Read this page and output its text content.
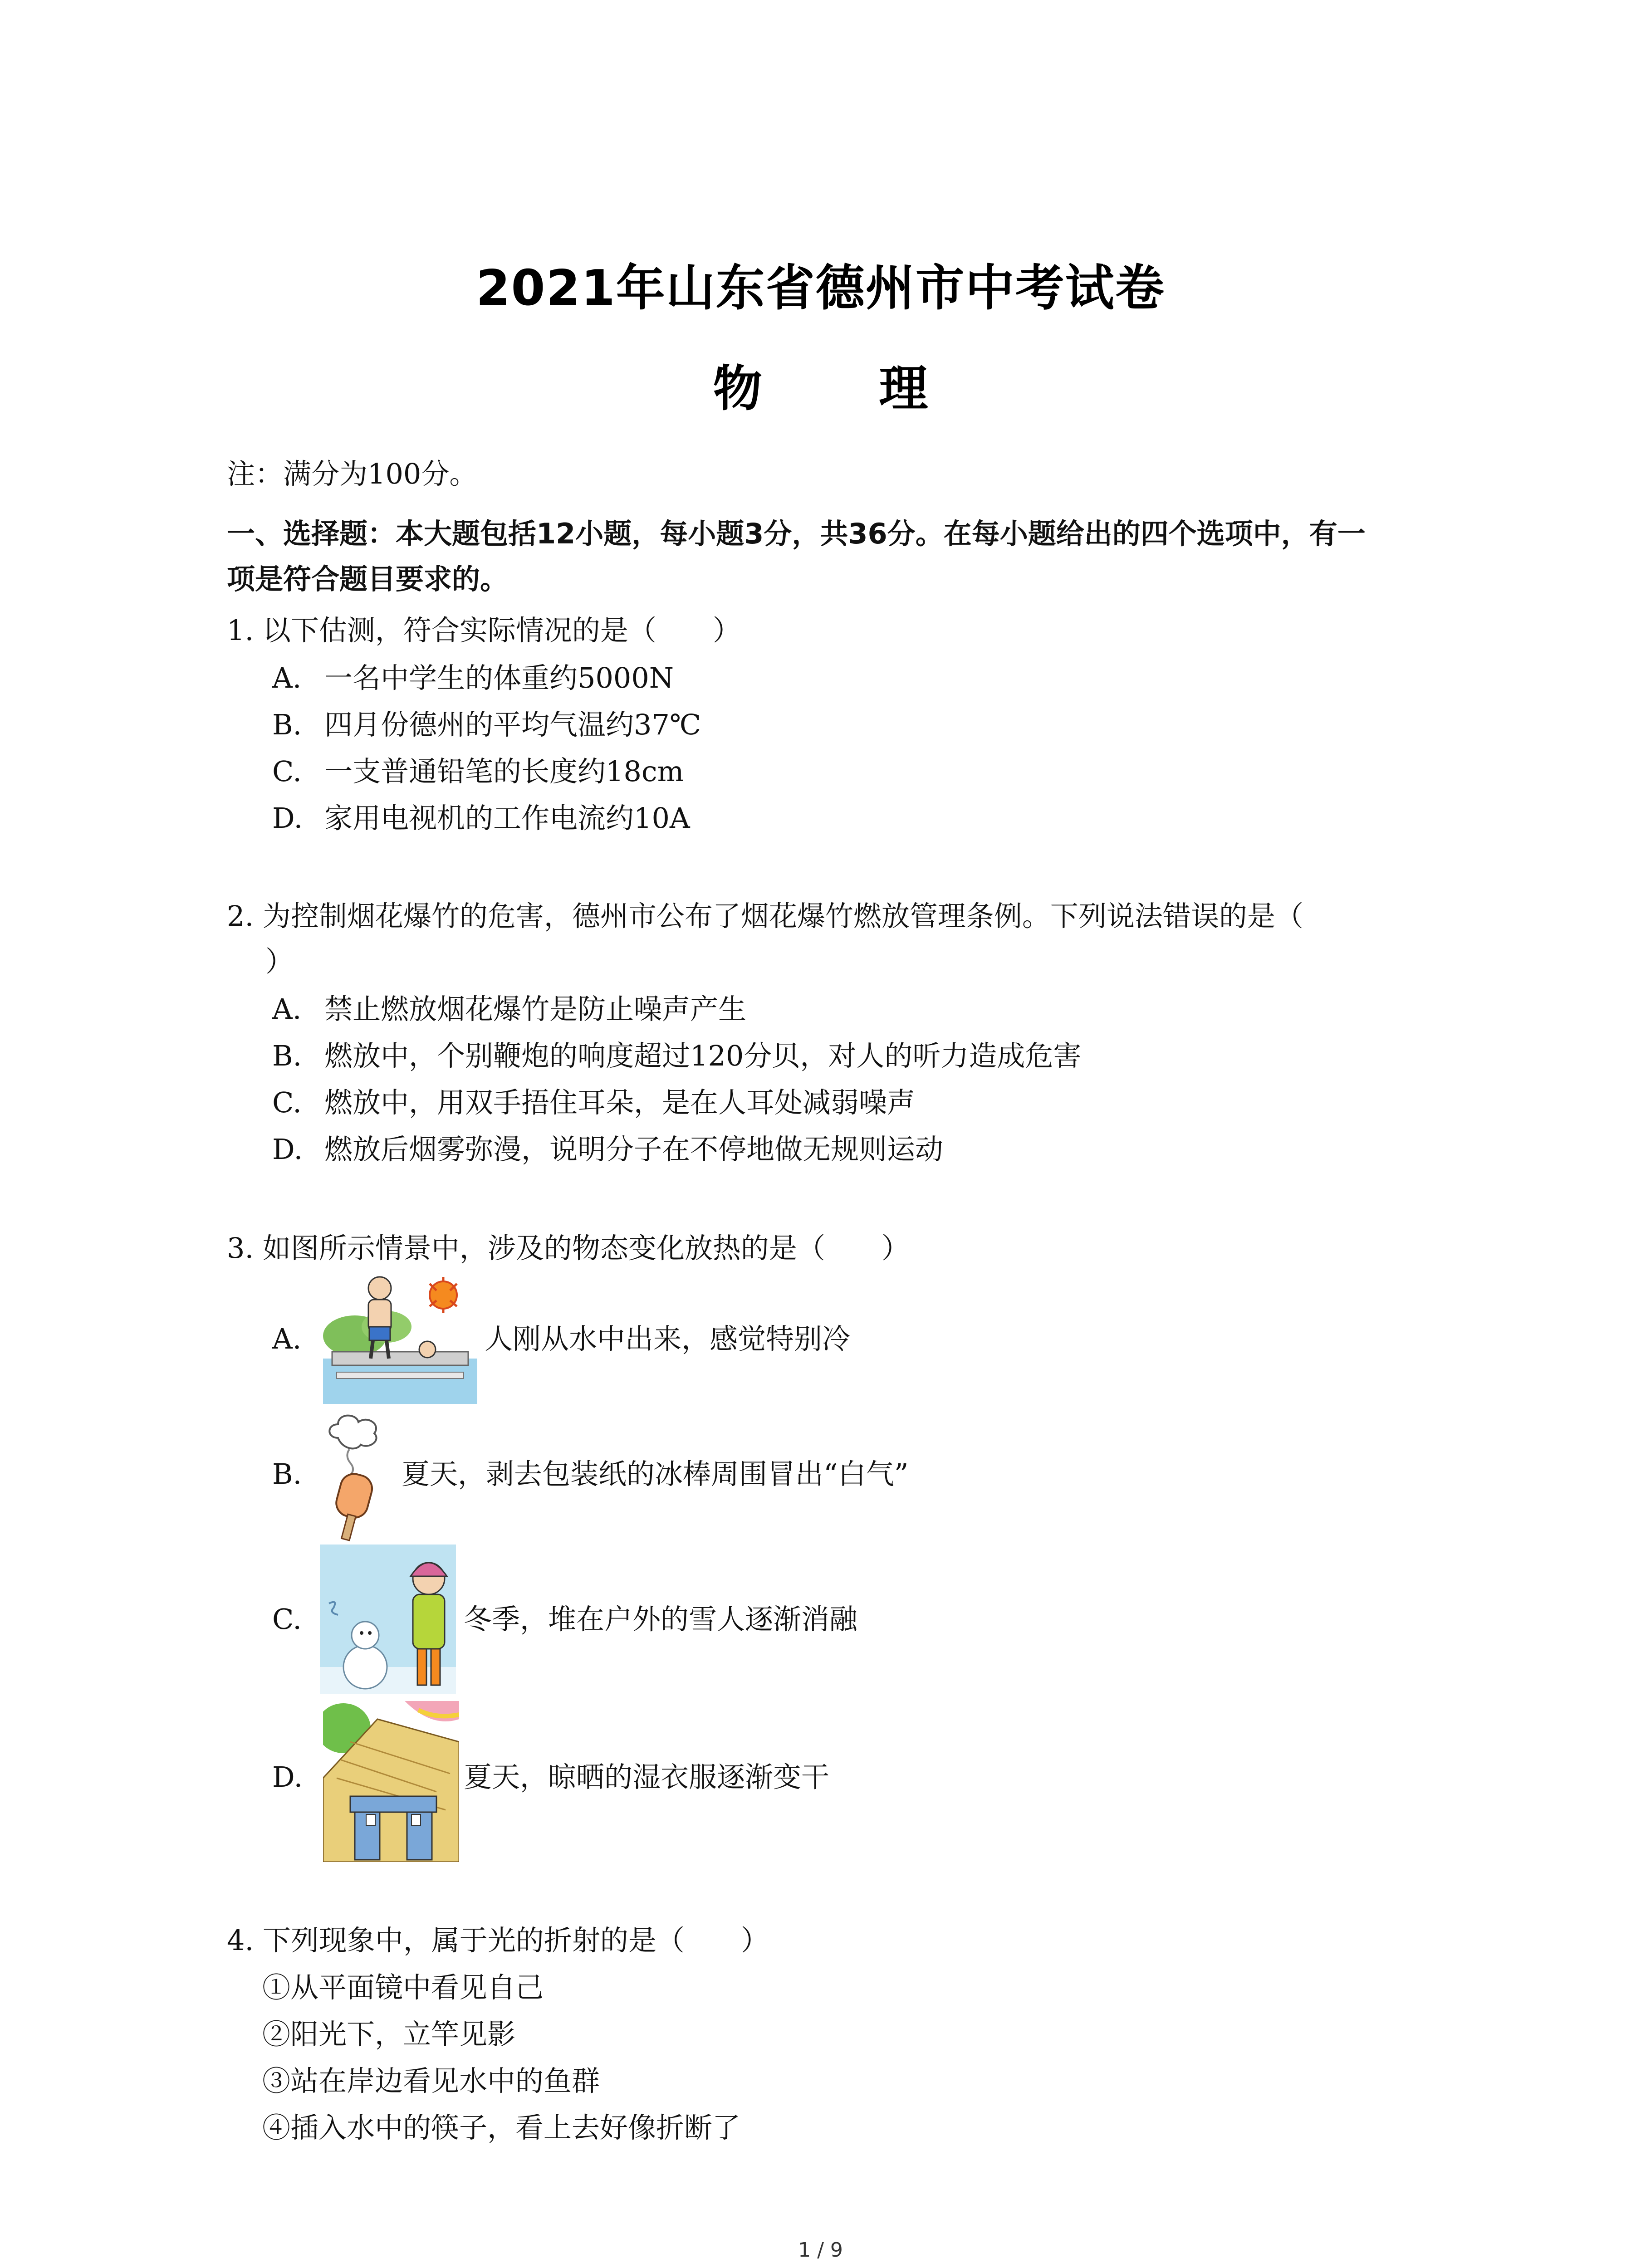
2021年山东省德州市中考试卷
物 理
注：满分为100分。
一、选择题：本大题包括12小题，每小题3分，共36分。在每小题给出的四个选项中，有一
项是符合题目要求的。
1. 以下估测，符合实际情况的是（　　）
A. 一名中学生的体重约5000N
B. 四月份德州的平均气温约37℃
C. 一支普通铅笔的长度约18cm
D. 家用电视机的工作电流约10A
2. 为控制烟花爆竹的危害，德州市公布了烟花爆竹燃放管理条例。下列说法错误的是（
）
A. 禁止燃放烟花爆竹是防止噪声产生
B. 燃放中，个别鞭炮的响度超过120分贝，对人的听力造成危害
C. 燃放中，用双手捂住耳朵，是在人耳处减弱噪声
D. 燃放后烟雾弥漫，说明分子在不停地做无规则运动
3. 如图所示情景中，涉及的物态变化放热的是（　　）
A.	人刚从水中出来，感觉特别冷
B.	夏天，剥去包装纸的冰棒周围冒出“白气”
C.	冬季，堆在户外的雪人逐渐消融
D.	夏天，晾晒的湿衣服逐渐变干
4. 下列现象中，属于光的折射的是（　　）
①从平面镜中看见自己
②阳光下，立竿见影
③站在岸边看见水中的鱼群
④插入水中的筷子，看上去好像折断了
1 / 9
